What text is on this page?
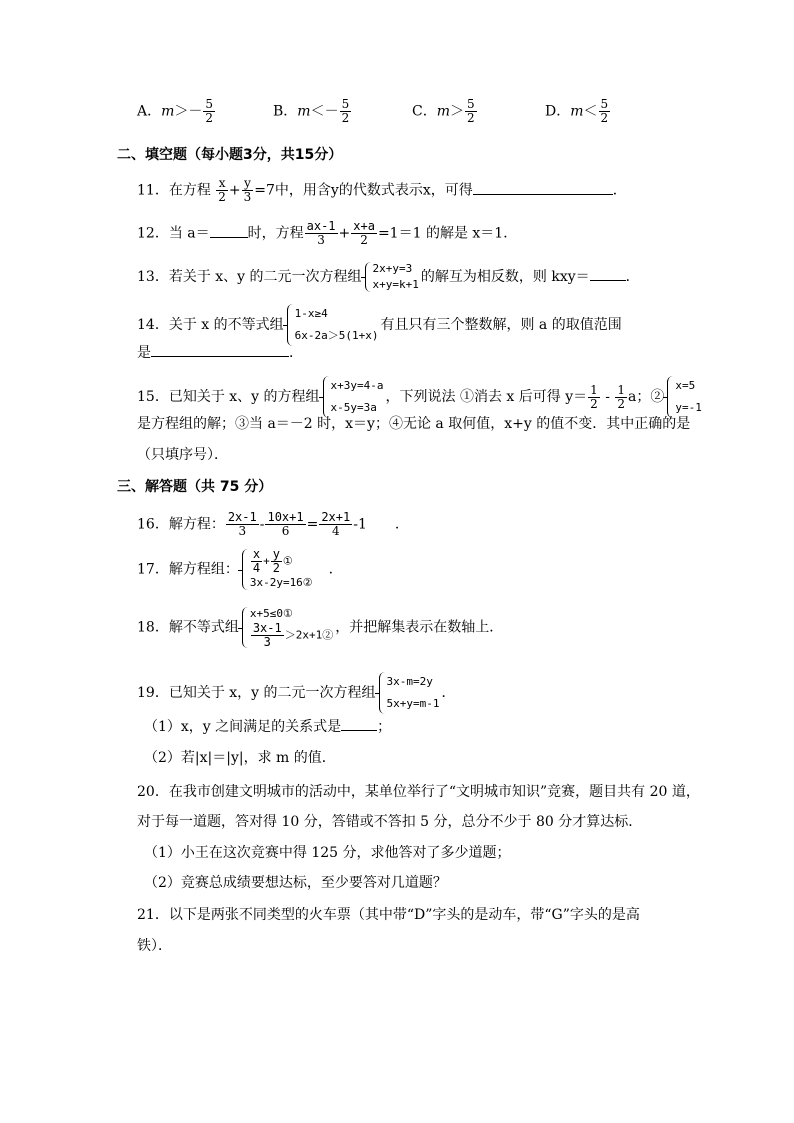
A．$m>- \frac{5}{2}$	B．$m<- \frac{5}{2}$	C．$m> \frac{5}{2}$	D．$m< \frac{5}{2}$
二、填空题（每小题3分，共15分）
11．在方程 $\frac{x}{2} + \frac{y}{3} =7$中，用含y的代数式表示x，可得	．
12．当 a＝	时，方程 $\frac{ax-1}{3} + \frac{x+a}{2} =1=1$ 的解是 x＝1．
13．若关于 x、y 的二元一次方程组
2x+y=3
x+y=k+1 的解互为相反数，则 kxy＝	．
14．关于 x 的不等式组
1-x≥4
6x-2a＞5(1+x)
有且只有三个整数解，则 a 的取值范围
是	．
15．已知关于 x、y 的方程组
x+3y=4-a
x-5y=3a
，下列说法 ①消去 x 后可得 $y= \frac{1}{2} - \frac{1}{2}$ a；②
x=5
y=-1
是方程组的解；③当 a＝－2 时，x＝y；④无论 a 取何值，x+y 的值不变．其中正确的是
（只填序号）．
三、解答题（共 75 分）
16．解方程： $\frac{2x-1}{3} - \frac{10x+1}{6} = \frac{2x+1}{4} -1$　　.
17．解方程组： $\frac{x}{4} + \frac{y}{2}$ ①
3x-2y=16②
　.
18．解不等式组
x+5≤0①
$\frac{3x-1}{3}$ ＞2x+1② ，并把解集表示在数轴上．
19．已知关于 x，y 的二元一次方程组
3x-m=2y
5x+y=m-1
．
（1）x，y 之间满足的关系式是	；
（2）若|x|＝|y|，求 m 的值．
20．在我市创建文明城市的活动中，某单位举行了“文明城市知识”竞赛，题目共有 20 道，
对于每一道题，答对得 10 分，答错或不答扣 5 分，总分不少于 80 分才算达标．
（1）小王在这次竞赛中得 125 分，求他答对了多少道题；
（2）竞赛总成绩要想达标，至少要答对几道题？
21．以下是两张不同类型的火车票（其中带“D”字头的是动车，带“G”字头的是高
铁）．
